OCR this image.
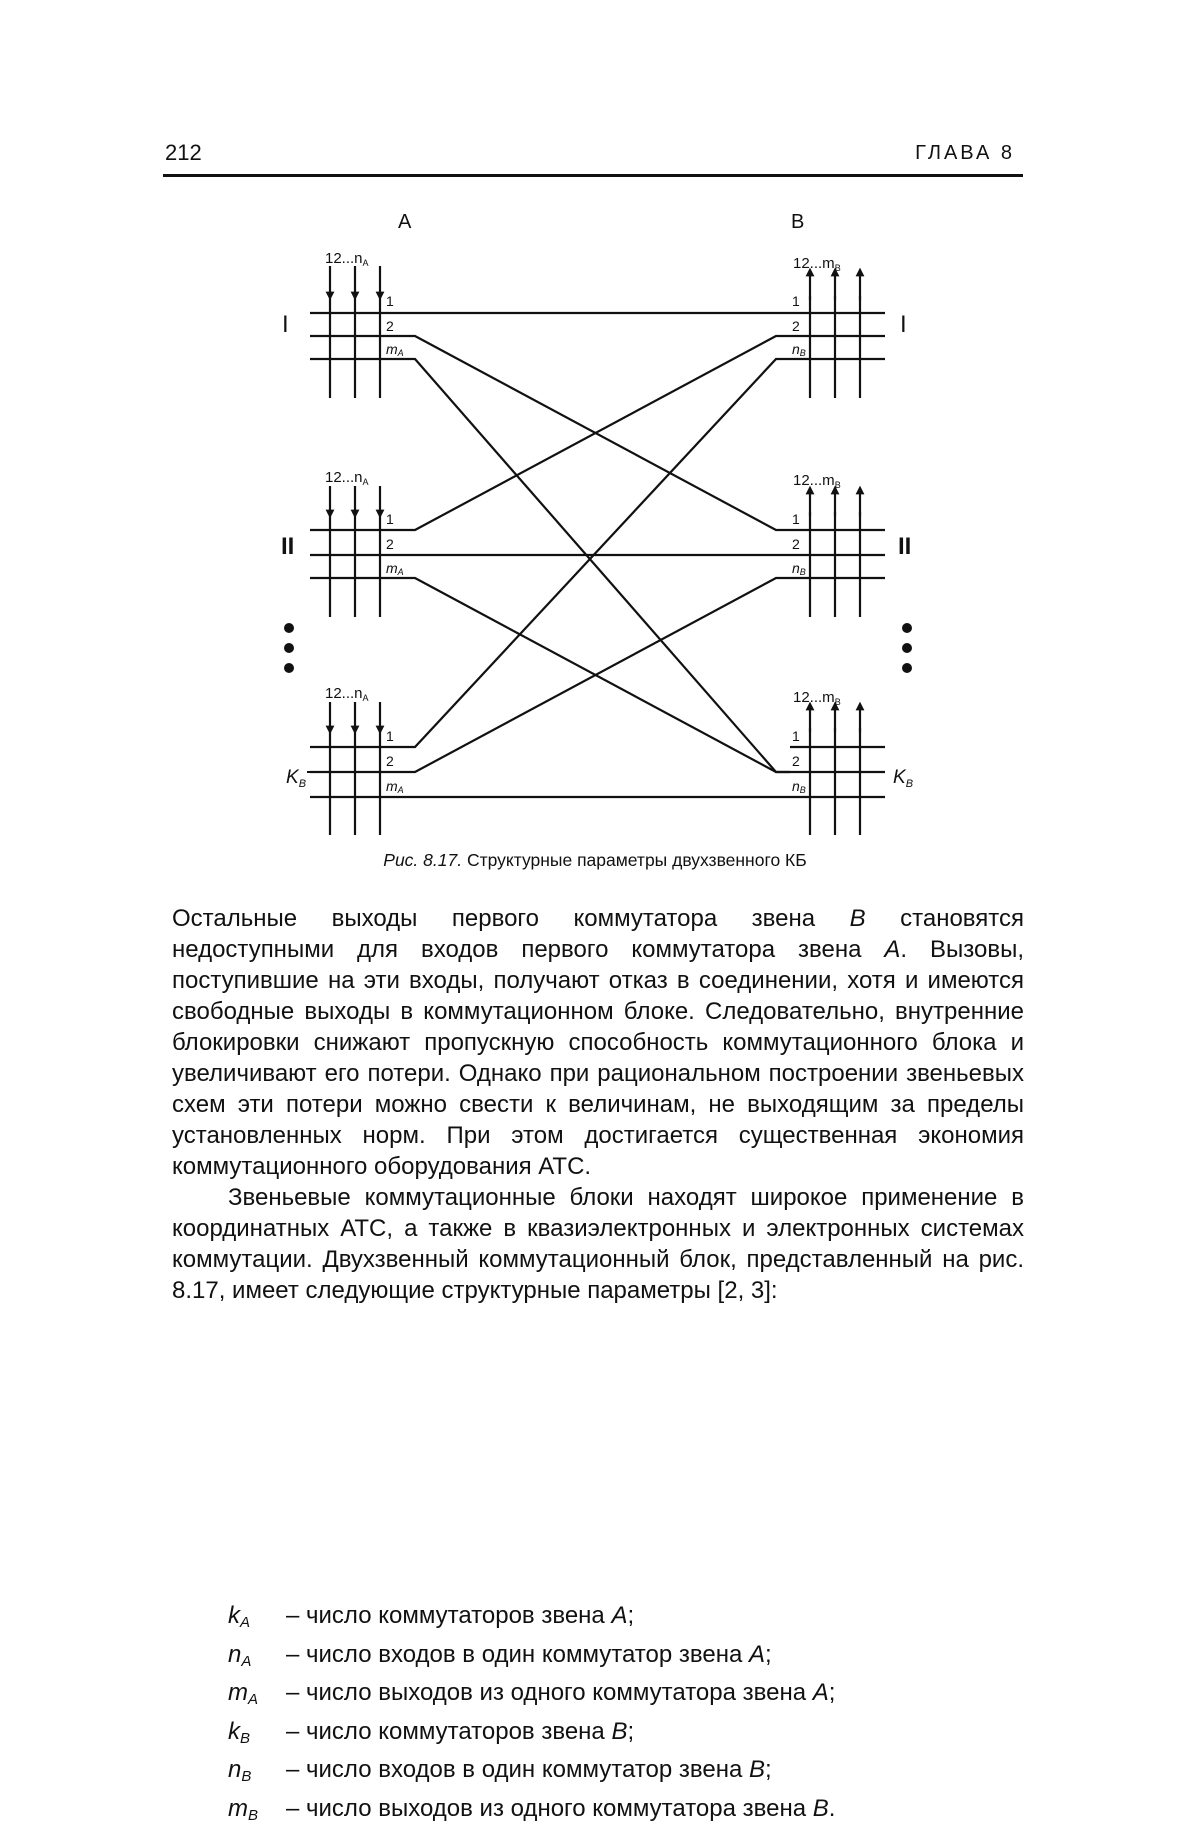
212	ГЛАВА 8
A	B
I
II
I
II
$K_B$	$K_B$
$12...n_A$
$12...n_A$
$12...n_A$
$12...m_B$
$12...m_B$
$12...m_B$
1
2
mA
1
2
mA
1
2
mA
1
2
nB
1
2
nB
1
2
nB
Рис. 8.17. Структурные параметры двухзвенного КБ

Остальные выходы первого коммутатора звена B становятся недоступными для входов первого коммутатора звена A. Вызовы, поступившие на эти входы, получают отказ в соединении, хотя и имеются свободные выходы в коммутационном блоке. Следовательно, внутренние блокировки снижают пропускную способность коммутационного блока и увеличивают его потери. Однако при рациональном построении звеньевых схем эти потери можно свести к величинам, не выходящим за пределы установленных норм. При этом достигается существенная экономия коммутационного оборудования АТС.

Звеньевые коммутационные блоки находят широкое применение в координатных АТС, а также в квазиэлектронных и электронных системах коммутации. Двухзвенный коммутационный блок, представленный на рис. 8.17, имеет следующие структурные параметры [2, 3]:

$k_A$	– число коммутаторов звена A;
$n_A$	– число входов в один коммутатор звена A;
$m_A$	– число выходов из одного коммутатора звена A;
$k_B$	– число коммутаторов звена B;
$n_B$	– число входов в один коммутатор звена B;
$m_B$	– число выходов из одного коммутатора звена B.
